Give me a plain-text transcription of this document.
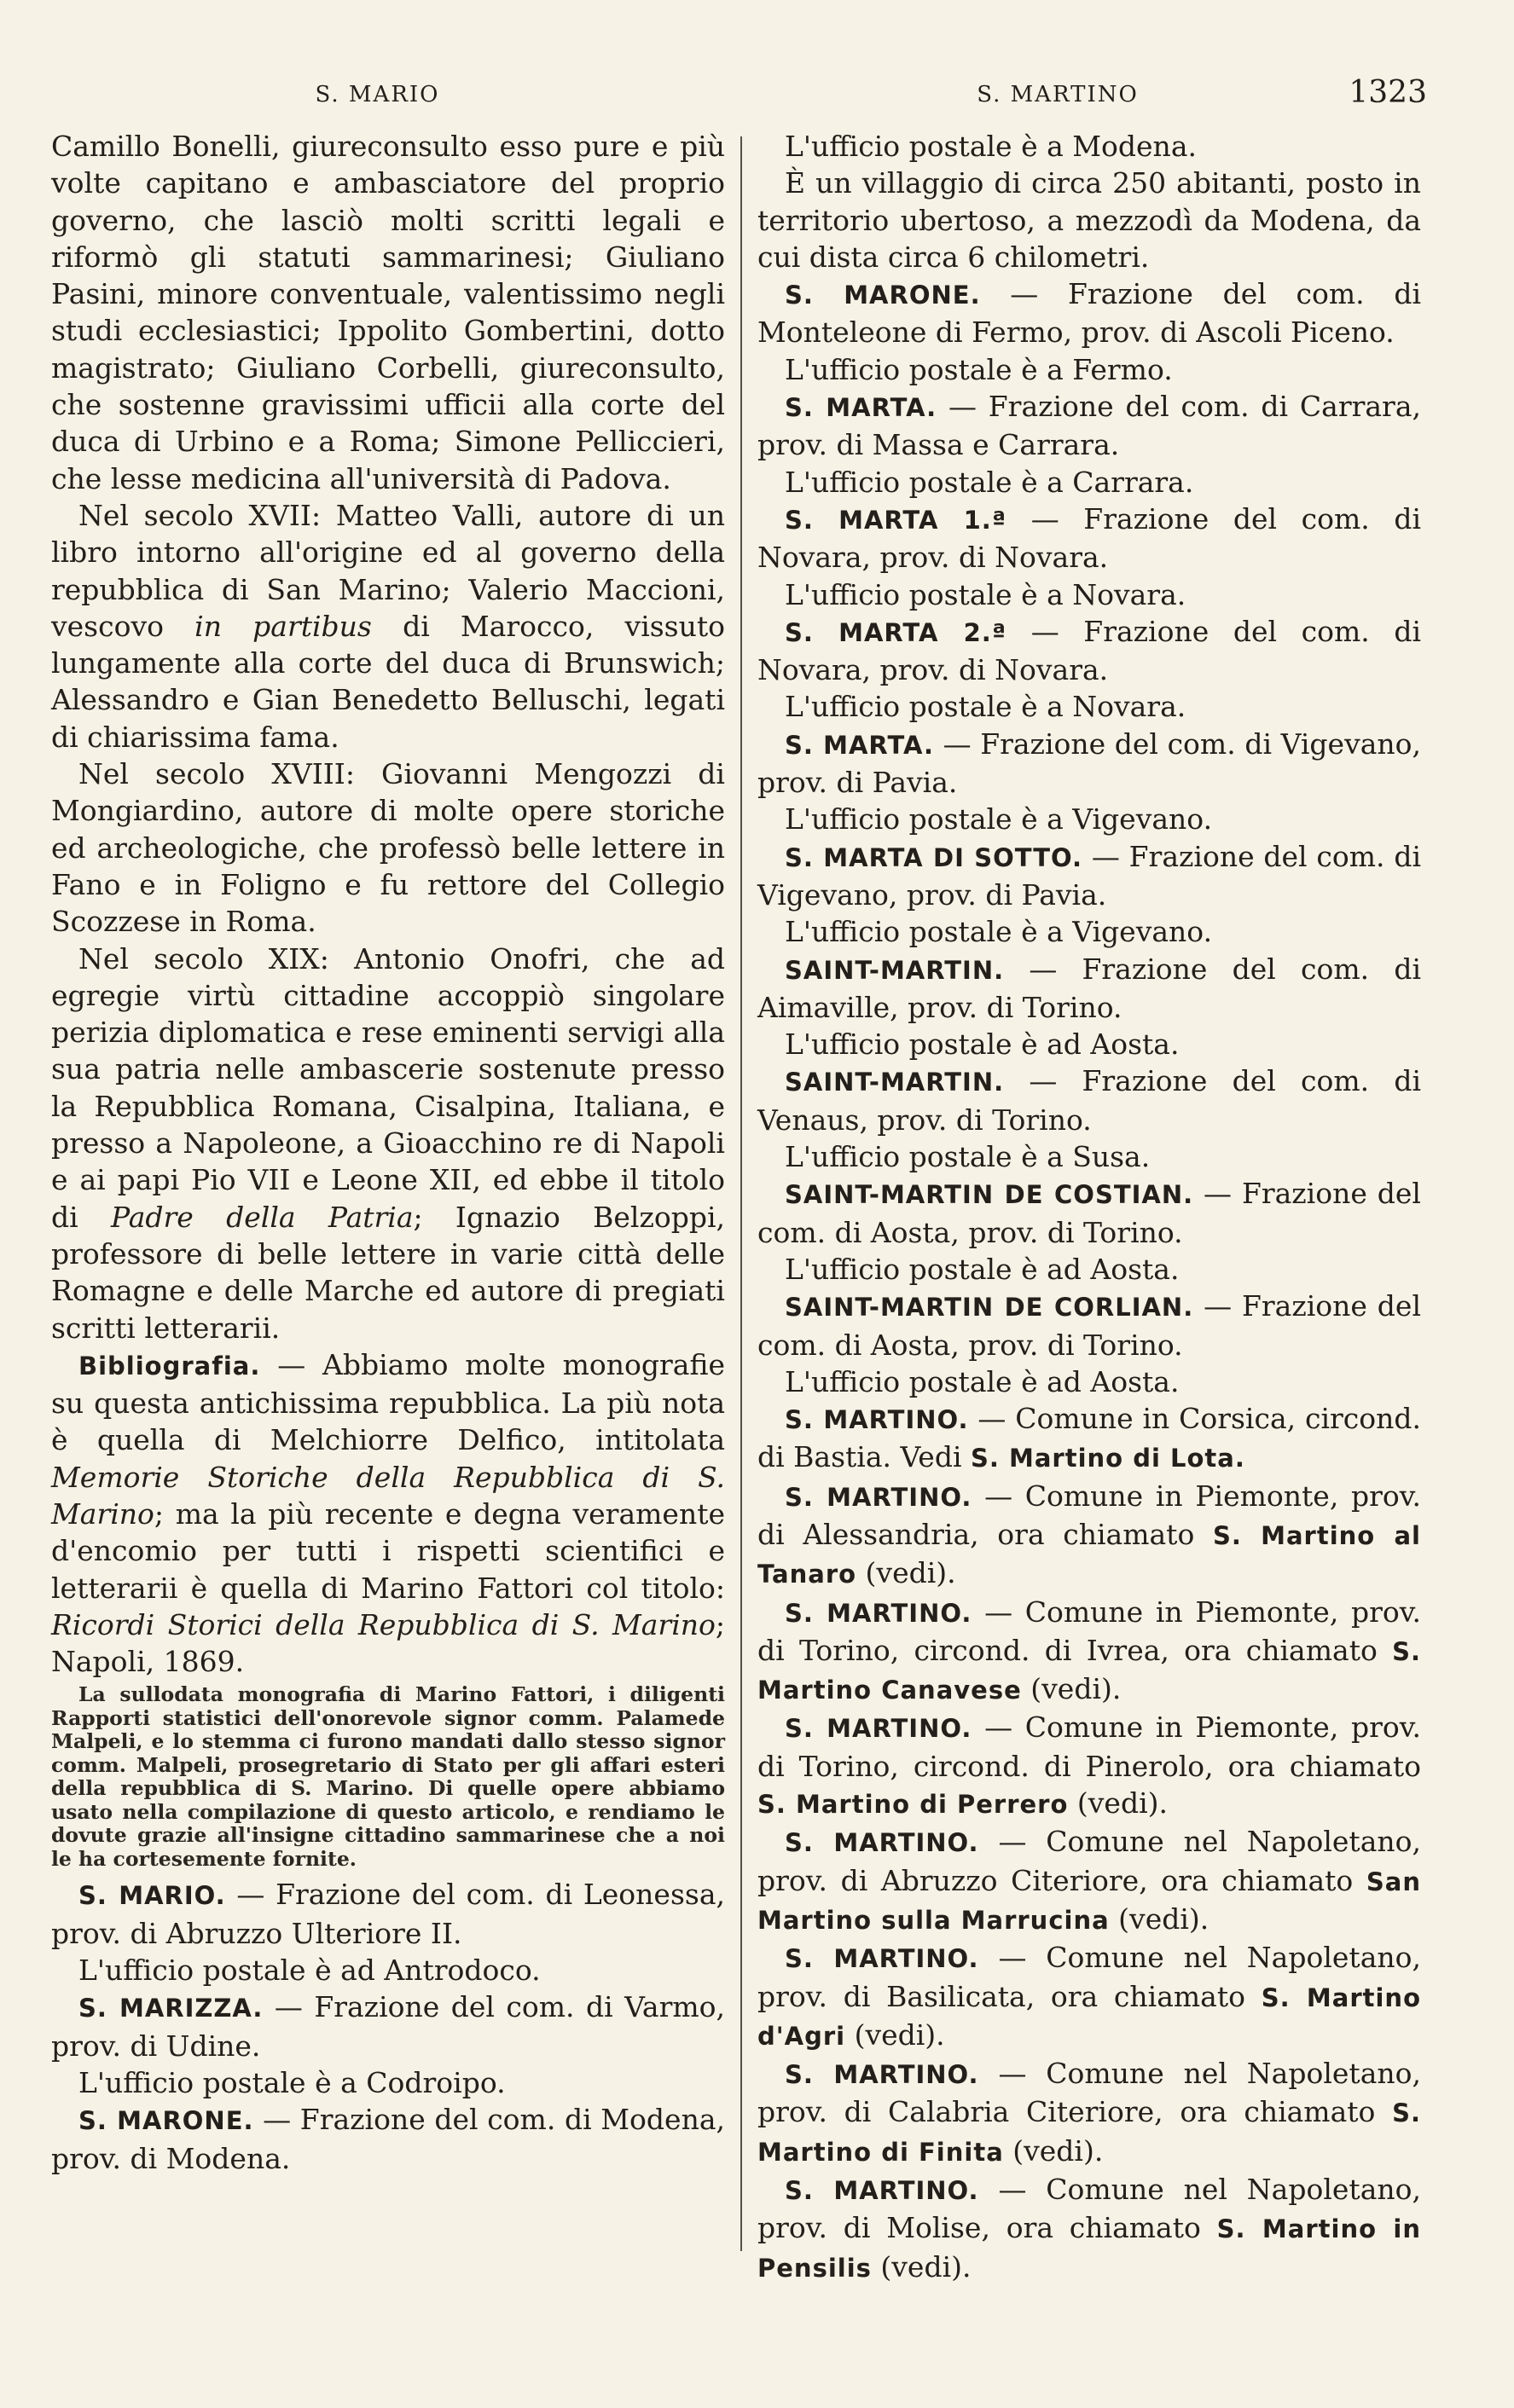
S. MARIO	S. MARTINO	1323

Camillo Bonelli, giureconsulto esso pure e più volte capitano e ambasciatore del proprio governo, che lasciò molti scritti legali e riformò gli statuti sammarinesi; Giuliano Pasini, minore conventuale, valentissimo negli studi ecclesiastici; Ippolito Gombertini, dotto magistrato; Giuliano Corbelli, giureconsulto, che sostenne gravissimi ufficii alla corte del duca di Urbino e a Roma; Simone Pelliccieri, che lesse medicina all'università di Padova.

Nel secolo XVII: Matteo Valli, autore di un libro intorno all'origine ed al governo della repubblica di San Marino; Valerio Maccioni, vescovo in partibus di Marocco, vissuto lungamente alla corte del duca di Brunswich; Alessandro e Gian Benedetto Belluschi, legati di chiarissima fama.

Nel secolo XVIII: Giovanni Mengozzi di Mongiardino, autore di molte opere storiche ed archeologiche, che professò belle lettere in Fano e in Foligno e fu rettore del Collegio Scozzese in Roma.

Nel secolo XIX: Antonio Onofri, che ad egregie virtù cittadine accoppiò singolare perizia diplomatica e rese eminenti servigi alla sua patria nelle ambascerie sostenute presso la Repubblica Romana, Cisalpina, Italiana, e presso a Napoleone, a Gioacchino re di Napoli e ai papi Pio VII e Leone XII, ed ebbe il titolo di Padre della Patria; Ignazio Belzoppi, professore di belle lettere in varie città delle Romagne e delle Marche ed autore di pregiati scritti letterarii.

Bibliografia. — Abbiamo molte monografie su questa antichissima repubblica. La più nota è quella di Melchiorre Delfico, intitolata Memorie Storiche della Repubblica di S. Marino; ma la più recente e degna veramente d'encomio per tutti i rispetti scientifici e letterarii è quella di Marino Fattori col titolo: Ricordi Storici della Repubblica di S. Marino; Napoli, 1869.

La sullodata monografia di Marino Fattori, i diligenti Rapporti statistici dell'onorevole signor comm. Palamede Malpeli, e lo stemma ci furono mandati dallo stesso signor comm. Malpeli, prosegretario di Stato per gli affari esteri della repubblica di S. Marino. Di quelle opere abbiamo usato nella compilazione di questo articolo, e rendiamo le dovute grazie all'insigne cittadino sammarinese che a noi le ha cortesemente fornite.

S. MARIO. — Frazione del com. di Leonessa, prov. di Abruzzo Ulteriore II.

L'ufficio postale è ad Antrodoco.

S. MARIZZA. — Frazione del com. di Varmo, prov. di Udine.

L'ufficio postale è a Codroipo.

S. MARONE. — Frazione del com. di Modena, prov. di Modena.

L'ufficio postale è a Modena.

È un villaggio di circa 250 abitanti, posto in territorio ubertoso, a mezzodì da Modena, da cui dista circa 6 chilometri.

S. MARONE. — Frazione del com. di Monteleone di Fermo, prov. di Ascoli Piceno.

L'ufficio postale è a Fermo.

S. MARTA. — Frazione del com. di Carrara, prov. di Massa e Carrara.

L'ufficio postale è a Carrara.

S. MARTA 1.ª — Frazione del com. di Novara, prov. di Novara.

L'ufficio postale è a Novara.

S. MARTA 2.ª — Frazione del com. di Novara, prov. di Novara.

L'ufficio postale è a Novara.

S. MARTA. — Frazione del com. di Vigevano, prov. di Pavia.

L'ufficio postale è a Vigevano.

S. MARTA DI SOTTO. — Frazione del com. di Vigevano, prov. di Pavia.

L'ufficio postale è a Vigevano.

SAINT-MARTIN. — Frazione del com. di Aimaville, prov. di Torino.

L'ufficio postale è ad Aosta.

SAINT-MARTIN. — Frazione del com. di Venaus, prov. di Torino.

L'ufficio postale è a Susa.

SAINT-MARTIN DE COSTIAN. — Frazione del com. di Aosta, prov. di Torino.

L'ufficio postale è ad Aosta.

SAINT-MARTIN DE CORLIAN. — Frazione del com. di Aosta, prov. di Torino.

L'ufficio postale è ad Aosta.

S. MARTINO. — Comune in Corsica, circond. di Bastia. Vedi S. Martino di Lota.

S. MARTINO. — Comune in Piemonte, prov. di Alessandria, ora chiamato S. Martino al Tanaro (vedi).

S. MARTINO. — Comune in Piemonte, prov. di Torino, circond. di Ivrea, ora chiamato S. Martino Canavese (vedi).

S. MARTINO. — Comune in Piemonte, prov. di Torino, circond. di Pinerolo, ora chiamato S. Martino di Perrero (vedi).

S. MARTINO. — Comune nel Napoletano, prov. di Abruzzo Citeriore, ora chiamato San Martino sulla Marrucina (vedi).

S. MARTINO. — Comune nel Napoletano, prov. di Basilicata, ora chiamato S. Martino d'Agri (vedi).

S. MARTINO. — Comune nel Napoletano, prov. di Calabria Citeriore, ora chiamato S. Martino di Finita (vedi).

S. MARTINO. — Comune nel Napoletano, prov. di Molise, ora chiamato S. Martino in Pensilis (vedi).
